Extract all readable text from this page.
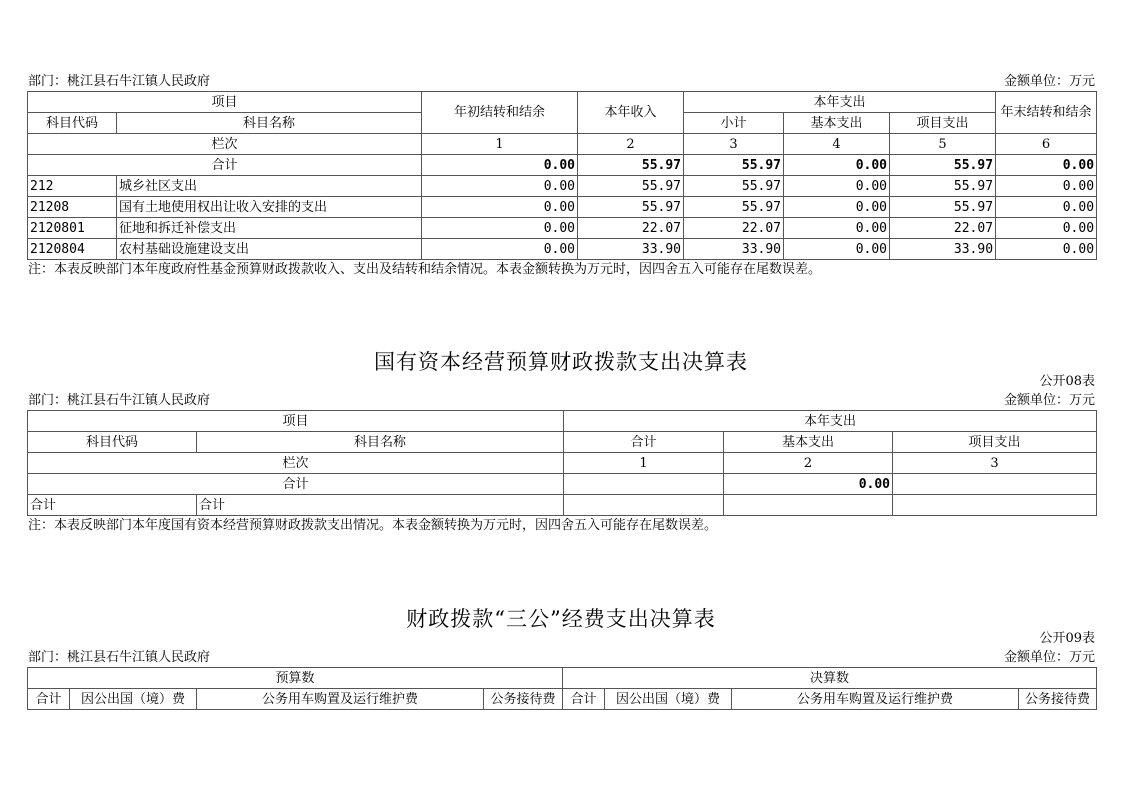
部门：桃江县石牛江镇人民政府	金额单位：万元
项目		年初结转和结余	本年收入	本年支出			年末结转和结余
科目代码	科目名称			小计	基本支出	项目支出	
栏次		1	2	3	4	5	6
合计		0.00	55.97	55.97	0.00	55.97	0.00
212	城乡社区支出	0.00	55.97	55.97	0.00	55.97	0.00
21208	国有土地使用权出让收入安排的支出	0.00	55.97	55.97	0.00	55.97	0.00
2120801	征地和拆迁补偿支出	0.00	22.07	22.07	0.00	22.07	0.00
2120804	农村基础设施建设支出	0.00	33.90	33.90	0.00	33.90	0.00
注：本表反映部门本年度政府性基金预算财政拨款收入、支出及结转和结余情况。本表金额转换为万元时，因四舍五入可能存在尾数误差。
国有资本经营预算财政拨款支出决算表
公开08表
部门：桃江县石牛江镇人民政府	金额单位：万元
项目		本年支出		
科目代码	科目名称	合计	基本支出	项目支出
栏次		1	2	3
合计			0.00	
合计	合计			
注：本表反映部门本年度国有资本经营预算财政拨款支出情况。本表金额转换为万元时，因四舍五入可能存在尾数误差。
财政拨款“三公”经费支出决算表
公开09表
部门：桃江县石牛江镇人民政府	金额单位：万元
预算数				决算数			
合计	因公出国（境）费	公务用车购置及运行维护费	公务接待费	合计	因公出国（境）费	公务用车购置及运行维护费	公务接待费
